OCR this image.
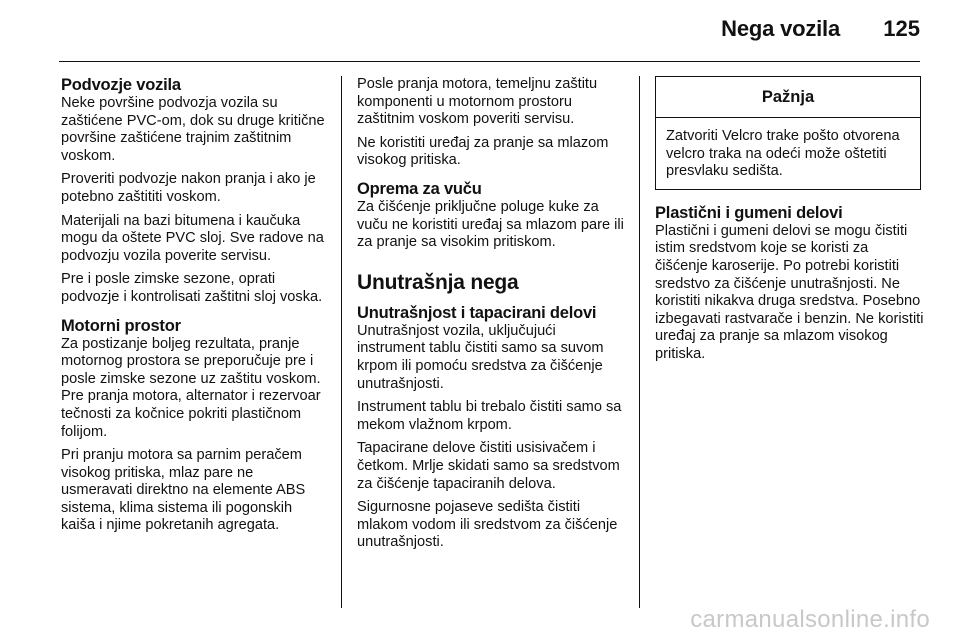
Nega vozila 125
Podvozje vozila

Neke površine podvozja vozila su zaštićene PVC-om, dok su druge kritične površine zaštićene trajnim zaštitnim voskom.

Proveriti podvozje nakon pranja i ako je potebno zaštititi voskom.

Materijali na bazi bitumena i kaučuka mogu da oštete PVC sloj. Sve radove na podvozju vozila poverite servisu.

Pre i posle zimske sezone, oprati podvozje i kontrolisati zaštitni sloj voska.

Motorni prostor

Za postizanje boljeg rezultata, pranje motornog prostora se preporučuje pre i posle zimske sezone uz zaštitu voskom. Pre pranja motora, alternator i rezervoar tečnosti za kočnice pokriti plastičnom folijom.

Pri pranju motora sa parnim peračem visokog pritiska, mlaz pare ne usmeravati direktno na elemente ABS sistema, klima sistema ili pogonskih kaiša i njime pokretanih agregata.

Posle pranja motora, temeljnu zaštitu komponenti u motornom prostoru zaštitnim voskom poveriti servisu.

Ne koristiti uređaj za pranje sa mlazom visokog pritiska.

Oprema za vuču

Za čišćenje priključne poluge kuke za vuču ne koristiti uređaj sa mlazom pare ili za pranje sa visokim pritiskom.

Unutrašnja nega
Unutrašnjost i tapacirani delovi

Unutrašnjost vozila, uključujući instrument tablu čistiti samo sa suvom krpom ili pomoću sredstva za čišćenje unutrašnjosti.

Instrument tablu bi trebalo čistiti samo sa mekom vlažnom krpom.

Tapacirane delove čistiti usisivačem i četkom. Mrlje skidati samo sa sredstvom za čišćenje tapaciranih delova.

Sigurnosne pojaseve sedišta čistiti mlakom vodom ili sredstvom za čišćenje unutrašnjosti.

Pažnja
Zatvoriti Velcro trake pošto otvorena velcro traka na odeći može oštetiti presvlaku sedišta.
Plastični i gumeni delovi

Plastični i gumeni delovi se mogu čistiti istim sredstvom koje se koristi za čišćenje karoserije. Po potrebi koristiti sredstvo za čišćenje unutrašnjosti. Ne koristiti nikakva druga sredstva. Posebno izbegavati rastvarače i benzin. Ne koristiti uređaj za pranje sa mlazom visokog pritiska.

carmanualsonline.info
